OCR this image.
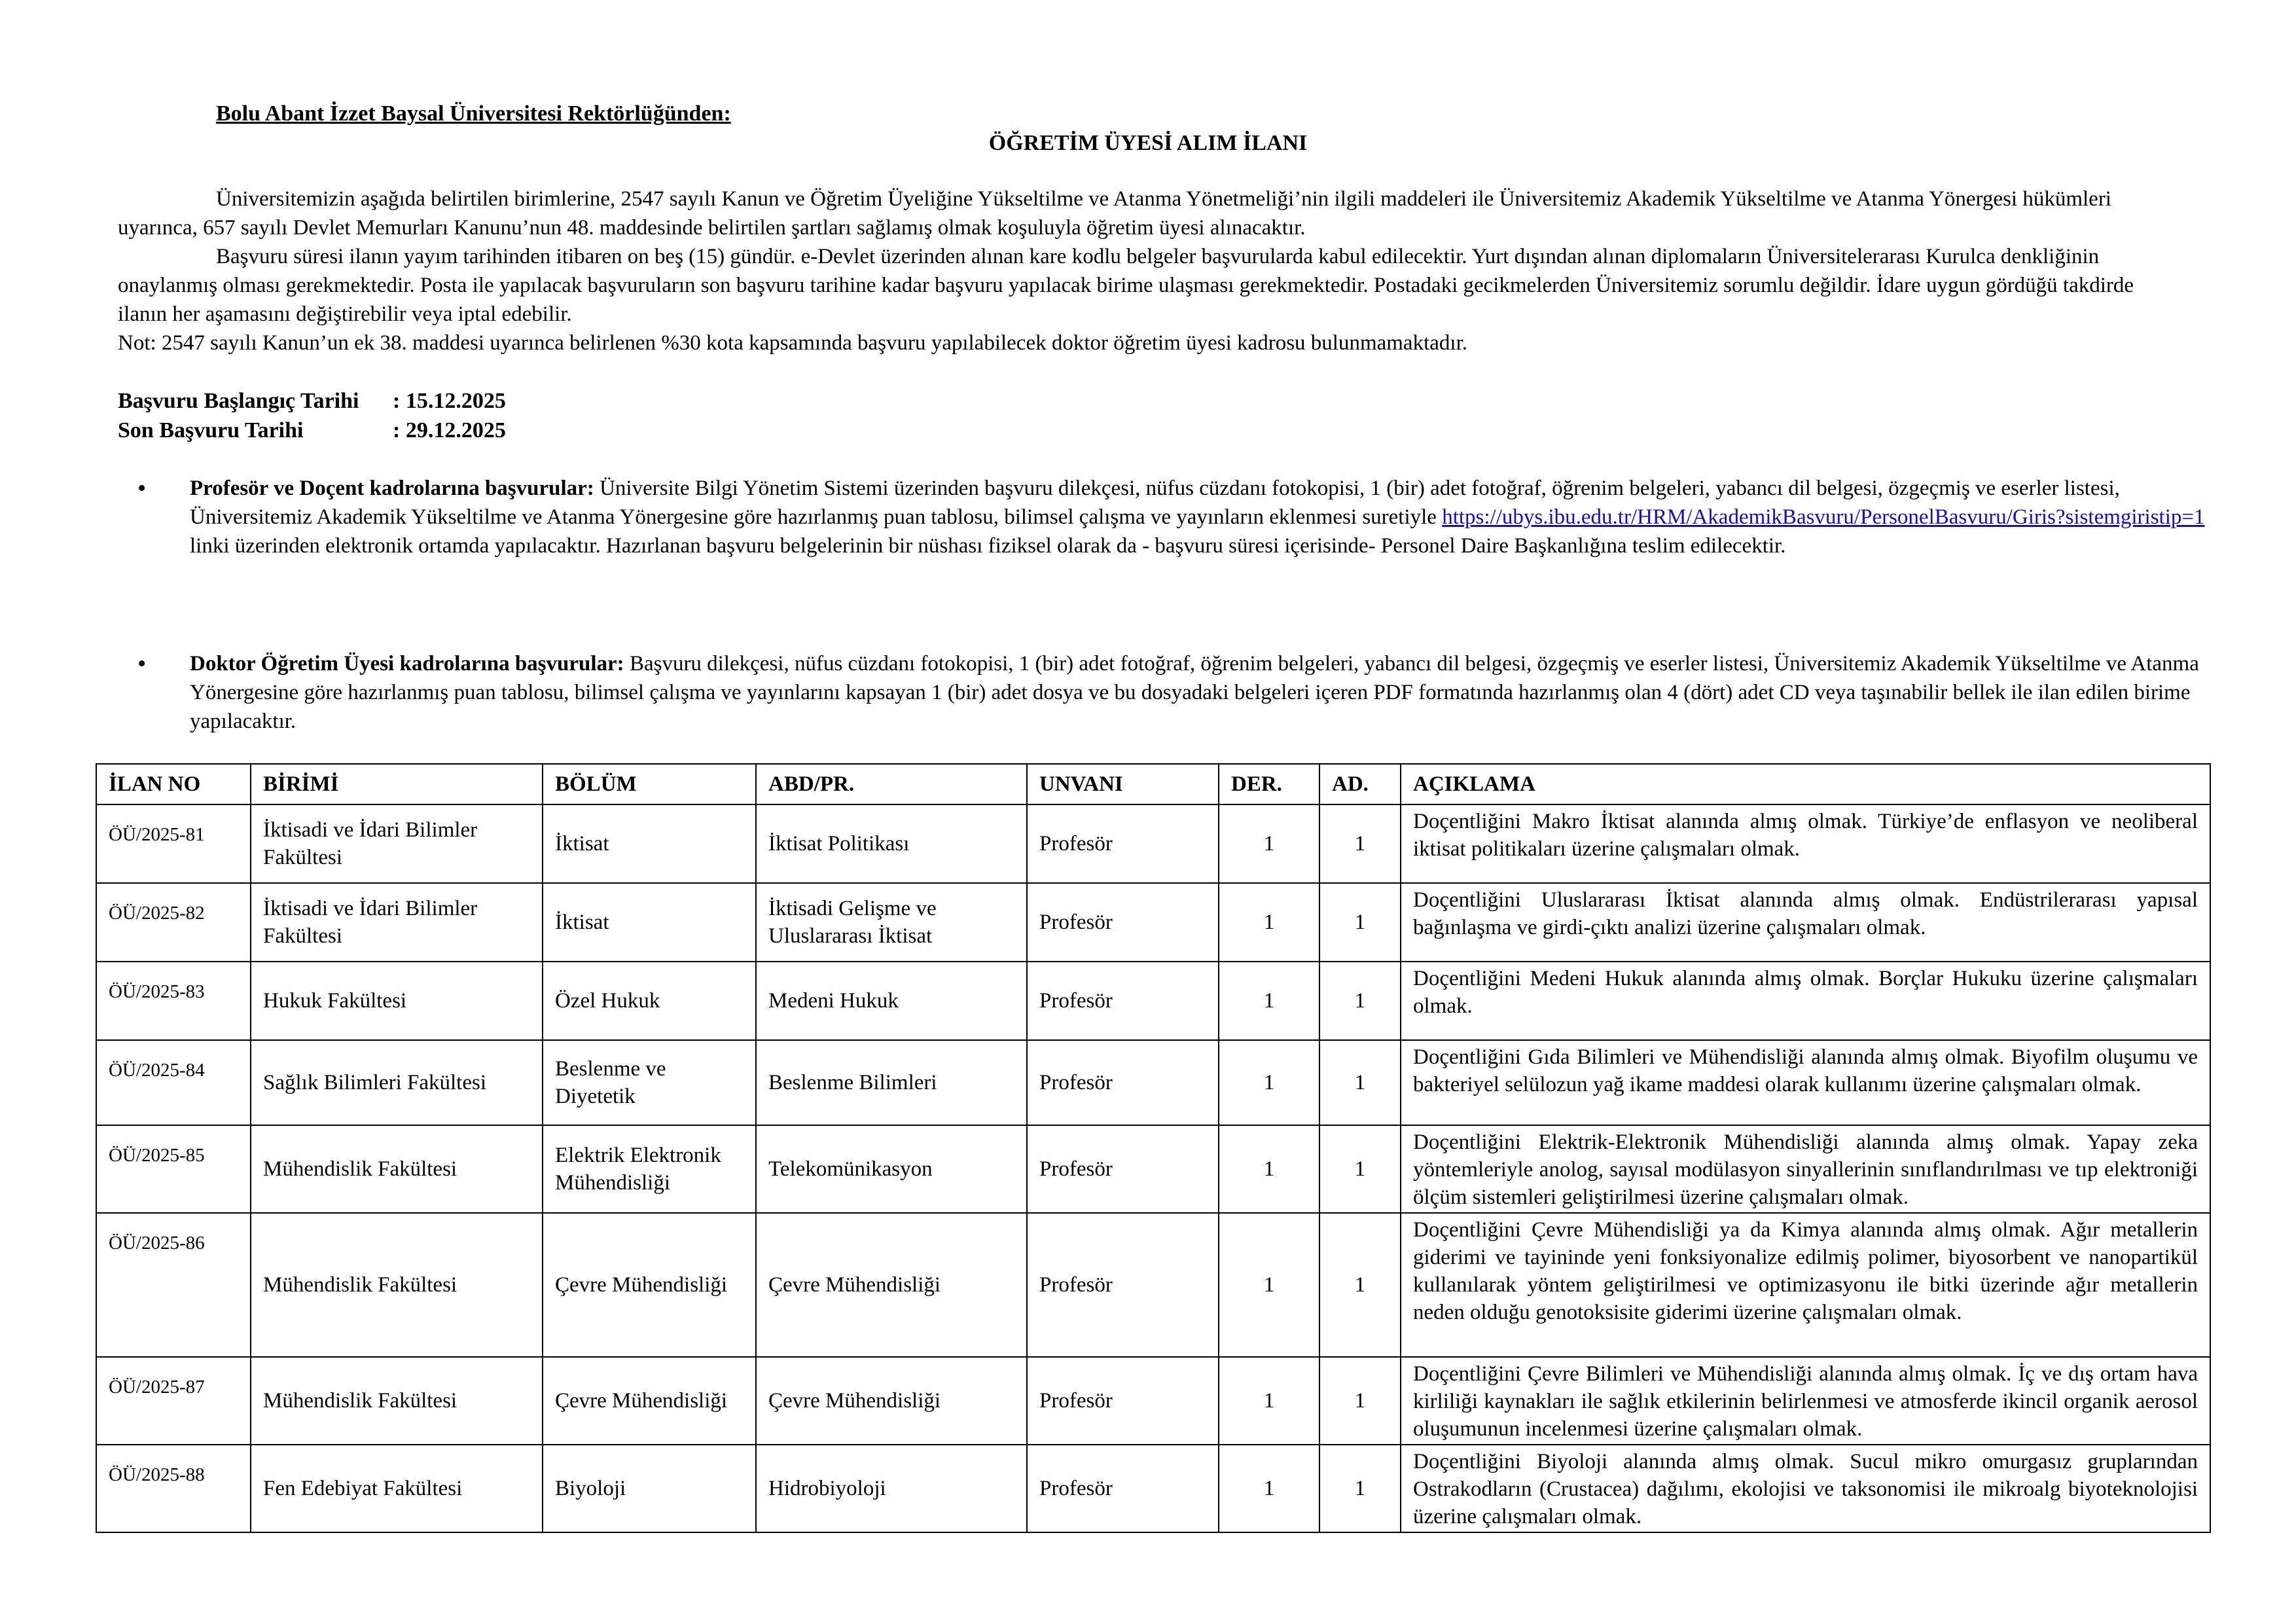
Bolu Abant İzzet Baysal Üniversitesi Rektörlüğünden:
ÖĞRETİM ÜYESİ ALIM İLANI

Üniversitemizin aşağıda belirtilen birimlerine, 2547 sayılı Kanun ve Öğretim Üyeliğine Yükseltilme ve Atanma Yönetmeliği’nin ilgili maddeleri ile Üniversitemiz Akademik Yükseltilme ve Atanma Yönergesi hükümleri uyarınca, 657 sayılı Devlet Memurları Kanunu’nun 48. maddesinde belirtilen şartları sağlamış olmak koşuluyla öğretim üyesi alınacaktır.

Başvuru süresi ilanın yayım tarihinden itibaren on beş (15) gündür. e-Devlet üzerinden alınan kare kodlu belgeler başvurularda kabul edilecektir. Yurt dışından alınan diplomaların Üniversitelerarası Kurulca denkliğinin onaylanmış olması gerekmektedir. Posta ile yapılacak başvuruların son başvuru tarihine kadar başvuru yapılacak birime ulaşması gerekmektedir. Postadaki gecikmelerden Üniversitemiz sorumlu değildir. İdare uygun gördüğü takdirde ilanın her aşamasını değiştirebilir veya iptal edebilir.

Not: 2547 sayılı Kanun’un ek 38. maddesi uyarınca belirlenen %30 kota kapsamında başvuru yapılabilecek doktor öğretim üyesi kadrosu bulunmamaktadır.

Başvuru Başlangıç Tarihi	: 15.12.2025
Son Başvuru Tarihi	: 29.12.2025
• Profesör ve Doçent kadrolarına başvurular: Üniversite Bilgi Yönetim Sistemi üzerinden başvuru dilekçesi, nüfus cüzdanı fotokopisi, 1 (bir) adet fotoğraf, öğrenim belgeleri, yabancı dil belgesi, özgeçmiş ve eserler listesi, Üniversitemiz Akademik Yükseltilme ve Atanma Yönergesine göre hazırlanmış puan tablosu, bilimsel çalışma ve yayınların eklenmesi suretiyle https://ubys.ibu.edu.tr/HRM/AkademikBasvuru/PersonelBasvuru/Giris?sistemgiristip=1 linki üzerinden elektronik ortamda yapılacaktır. Hazırlanan başvuru belgelerinin bir nüshası fiziksel olarak da - başvuru süresi içerisinde- Personel Daire Başkanlığına teslim edilecektir.
• Doktor Öğretim Üyesi kadrolarına başvurular: Başvuru dilekçesi, nüfus cüzdanı fotokopisi, 1 (bir) adet fotoğraf, öğrenim belgeleri, yabancı dil belgesi, özgeçmiş ve eserler listesi, Üniversitemiz Akademik Yükseltilme ve Atanma Yönergesine göre hazırlanmış puan tablosu, bilimsel çalışma ve yayınlarını kapsayan 1 (bir) adet dosya ve bu dosyadaki belgeleri içeren PDF formatında hazırlanmış olan 4 (dört) adet CD veya taşınabilir bellek ile ilan edilen birime yapılacaktır.
İLAN NO	BİRİMİ	BÖLÜM	ABD/PR.	UNVANI	DER.	AD.	AÇIKLAMA
ÖÜ/2025-81	İktisadi ve İdari Bilimler Fakültesi	İktisat	İktisat Politikası	Profesör	1	1	Doçentliğini Makro İktisat alanında almış olmak. Türkiye’de enflasyon ve neoliberal iktisat politikaları üzerine çalışmaları olmak.
ÖÜ/2025-82	İktisadi ve İdari Bilimler Fakültesi	İktisat	İktisadi Gelişme ve Uluslararası İktisat	Profesör	1	1	Doçentliğini Uluslararası İktisat alanında almış olmak. Endüstrilerarası yapısal bağınlaşma ve girdi-çıktı analizi üzerine çalışmaları olmak.
ÖÜ/2025-83	Hukuk Fakültesi	Özel Hukuk	Medeni Hukuk	Profesör	1	1	Doçentliğini Medeni Hukuk alanında almış olmak. Borçlar Hukuku üzerine çalışmaları olmak.
ÖÜ/2025-84	Sağlık Bilimleri Fakültesi	Beslenme ve Diyetetik	Beslenme Bilimleri	Profesör	1	1	Doçentliğini Gıda Bilimleri ve Mühendisliği alanında almış olmak. Biyofilm oluşumu ve bakteriyel selülozun yağ ikame maddesi olarak kullanımı üzerine çalışmaları olmak.
ÖÜ/2025-85	Mühendislik Fakültesi	Elektrik Elektronik Mühendisliği	Telekomünikasyon	Profesör	1	1	Doçentliğini Elektrik-Elektronik Mühendisliği alanında almış olmak. Yapay zeka yöntemleriyle anolog, sayısal modülasyon sinyallerinin sınıflandırılması ve tıp elektroniği ölçüm sistemleri geliştirilmesi üzerine çalışmaları olmak.
ÖÜ/2025-86	Mühendislik Fakültesi	Çevre Mühendisliği	Çevre Mühendisliği	Profesör	1	1	Doçentliğini Çevre Mühendisliği ya da Kimya alanında almış olmak. Ağır metallerin giderimi ve tayininde yeni fonksiyonalize edilmiş polimer, biyosorbent ve nanopartikül kullanılarak yöntem geliştirilmesi ve optimizasyonu ile bitki üzerinde ağır metallerin neden olduğu genotoksisite giderimi üzerine çalışmaları olmak.
ÖÜ/2025-87	Mühendislik Fakültesi	Çevre Mühendisliği	Çevre Mühendisliği	Profesör	1	1	Doçentliğini Çevre Bilimleri ve Mühendisliği alanında almış olmak. İç ve dış ortam hava kirliliği kaynakları ile sağlık etkilerinin belirlenmesi ve atmosferde ikincil organik aerosol oluşumunun incelenmesi üzerine çalışmaları olmak.
ÖÜ/2025-88	Fen Edebiyat Fakültesi	Biyoloji	Hidrobiyoloji	Profesör	1	1	Doçentliğini Biyoloji alanında almış olmak. Sucul mikro omurgasız gruplarından Ostrakodların (Crustacea) dağılımı, ekolojisi ve taksonomisi ile mikroalg biyoteknolojisi üzerine çalışmaları olmak.
